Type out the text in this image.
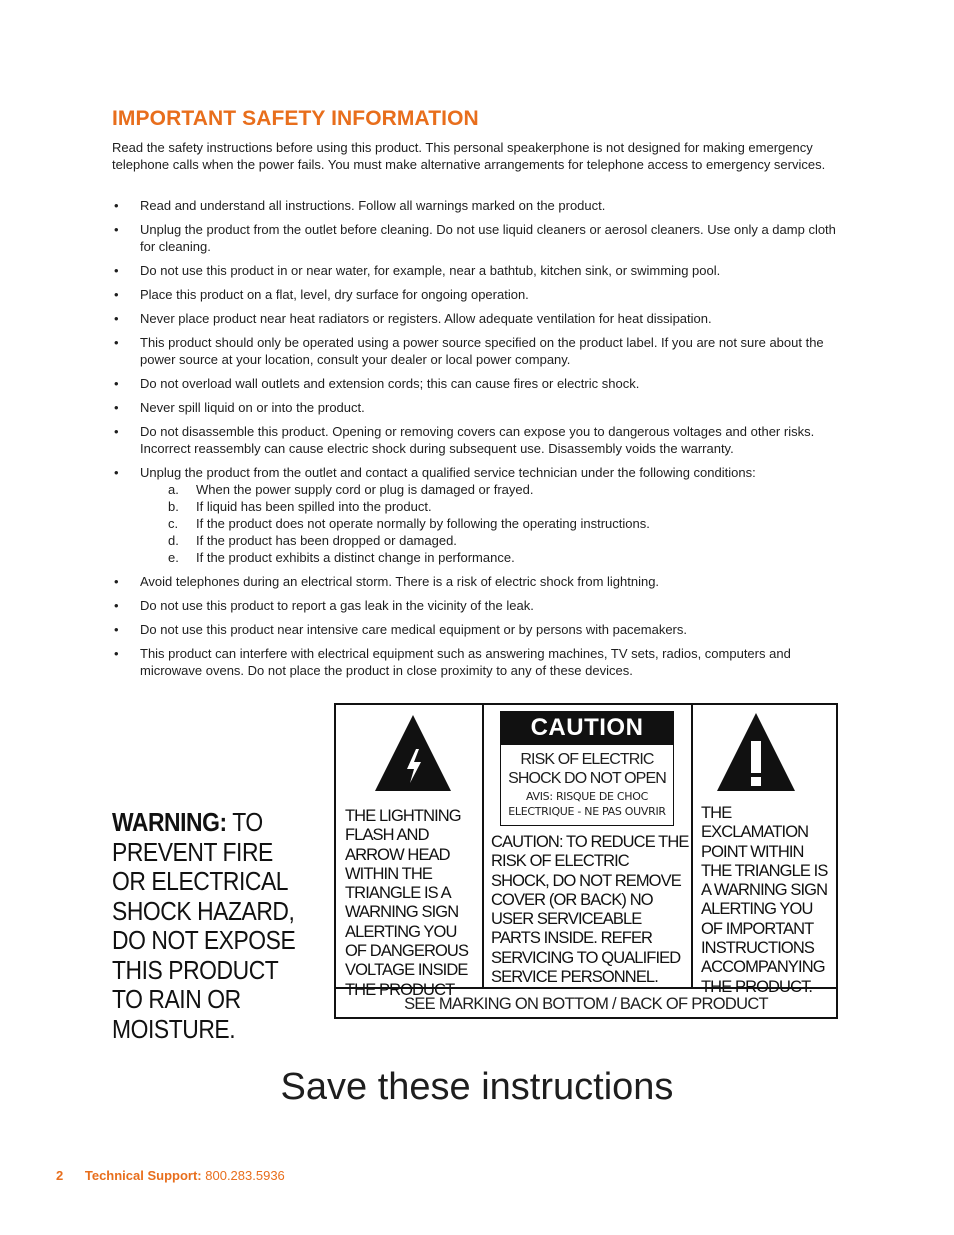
IMPORTANT SAFETY INFORMATION

Read the safety instructions before using this product. This personal speakerphone is not designed for making emergency telephone calls when the power fails. You must make alternative arrangements for telephone access to emergency services.

• Read and understand all instructions. Follow all warnings marked on the product.
• Unplug the product from the outlet before cleaning. Do not use liquid cleaners or aerosol cleaners. Use only a damp cloth for cleaning.
• Do not use this product in or near water, for example, near a bathtub, kitchen sink, or swimming pool.
• Place this product on a flat, level, dry surface for ongoing operation.
• Never place product near heat radiators or registers. Allow adequate ventilation for heat dissipation.
• This product should only be operated using a power source specified on the product label. If you are not sure about the power source at your location, consult your dealer or local power company.
• Do not overload wall outlets and extension cords; this can cause fires or electric shock.
• Never spill liquid on or into the product.
• Do not disassemble this product. Opening or removing covers can expose you to dangerous voltages and other risks. Incorrect reassembly can cause electric shock during subsequent use. Disassembly voids the warranty.
• Unplug the product from the outlet and contact a qualified service technician under the following conditions:
a. When the power supply cord or plug is damaged or frayed.
b. If liquid has been spilled into the product.
c. If the product does not operate normally by following the operating instructions.
d. If the product has been dropped or damaged.
e. If the product exhibits a distinct change in performance.
• Avoid telephones during an electrical storm. There is a risk of electric shock from lightning.
• Do not use this product to report a gas leak in the vicinity of the leak.
• Do not use this product near intensive care medical equipment or by persons with pacemakers.
• This product can interfere with electrical equipment such as answering machines, TV sets, radios, computers and microwave ovens. Do not place the product in close proximity to any of these devices.

WARNING: TO PREVENT FIRE OR ELECTRICAL SHOCK HAZARD, DO NOT EXPOSE THIS PRODUCT TO RAIN OR MOISTURE.

THE LIGHTNING FLASH AND ARROW HEAD WITHIN THE TRIANGLE IS A WARNING SIGN ALERTING YOU OF DANGEROUS VOLTAGE INSIDE THE PRODUCT

CAUTION

RISK OF ELECTRIC SHOCK DO NOT OPEN

AVIS: RISQUE DE CHOC ELECTRIQUE - NE PAS OUVRIR

CAUTION: TO REDUCE THE RISK OF ELECTRIC SHOCK, DO NOT REMOVE COVER (OR BACK) NO USER SERVICEABLE PARTS INSIDE. REFER SERVICING TO QUALIFIED SERVICE PERSONNEL.

THE EXCLAMATION POINT WITHIN THE TRIANGLE IS A WARNING SIGN ALERTING YOU OF IMPORTANT INSTRUCTIONS ACCOMPANYING THE PRODUCT.

SEE MARKING ON BOTTOM / BACK OF PRODUCT

Save these instructions
2 Technical Support: 800.283.5936
